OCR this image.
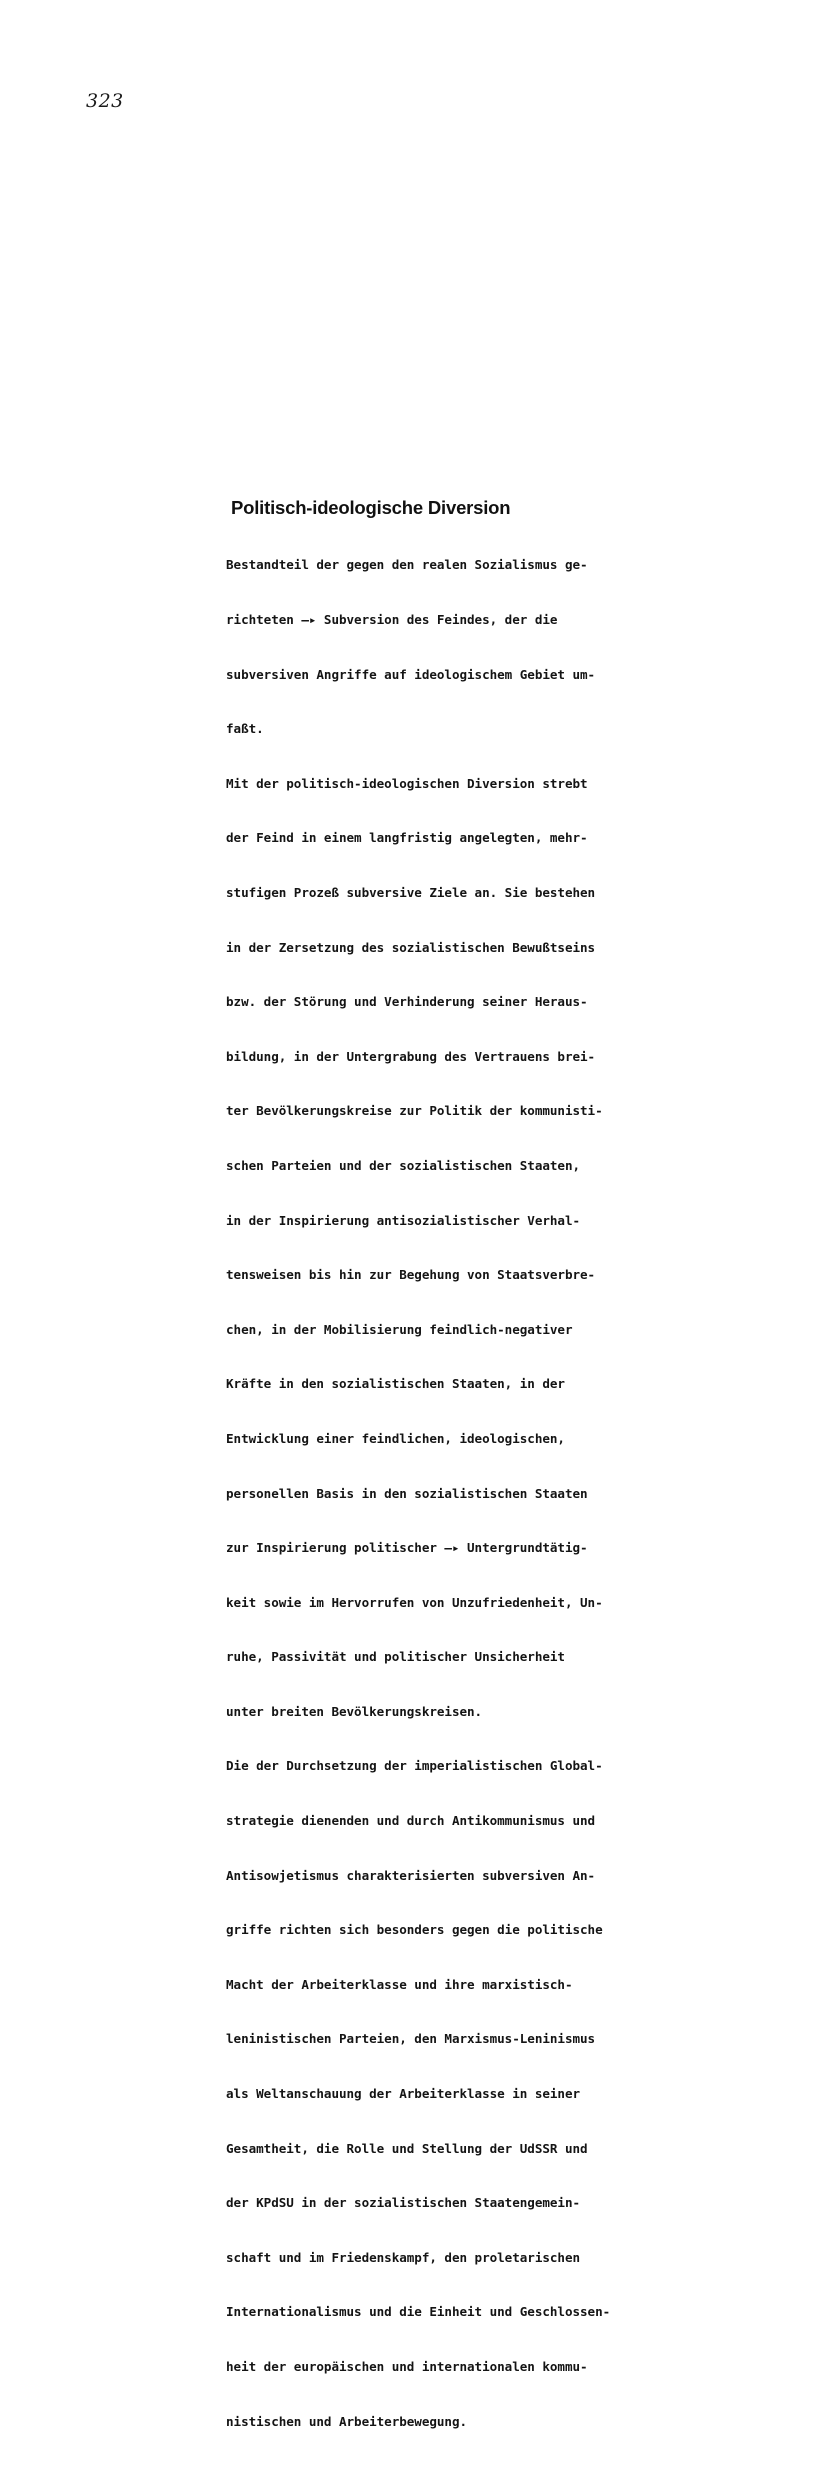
323
Politisch-ideologische Diversion

Bestandteil der gegen den realen Sozialismus ge-

richteten —▸ Subversion des Feindes, der die

subversiven Angriffe auf ideologischem Gebiet um-

faßt.

Mit der politisch-ideologischen Diversion strebt

der Feind in einem langfristig angelegten, mehr-

stufigen Prozeß subversive Ziele an. Sie bestehen

in der Zersetzung des sozialistischen Bewußtseins

bzw. der Störung und Verhinderung seiner Heraus-

bildung, in der Untergrabung des Vertrauens brei-

ter Bevölkerungskreise zur Politik der kommunisti-

schen Parteien und der sozialistischen Staaten,

in der Inspirierung antisozialistischer Verhal-

tensweisen bis hin zur Begehung von Staatsverbre-

chen, in der Mobilisierung feindlich-negativer

Kräfte in den sozialistischen Staaten, in der

Entwicklung einer feindlichen, ideologischen,

personellen Basis in den sozialistischen Staaten

zur Inspirierung politischer —▸ Untergrundtätig-

keit sowie im Hervorrufen von Unzufriedenheit, Un-

ruhe, Passivität und politischer Unsicherheit

unter breiten Bevölkerungskreisen.

Die der Durchsetzung der imperialistischen Global-

strategie dienenden und durch Antikommunismus und

Antisowjetismus charakterisierten subversiven An-

griffe richten sich besonders gegen die politische

Macht der Arbeiterklasse und ihre marxistisch-

leninistischen Parteien, den Marxismus-Leninismus

als Weltanschauung der Arbeiterklasse in seiner

Gesamtheit, die Rolle und Stellung der UdSSR und

der KPdSU in der sozialistischen Staatengemein-

schaft und im Friedenskampf, den proletarischen

Internationalismus und die Einheit und Geschlossen-

heit der europäischen und internationalen kommu-

nistischen und Arbeiterbewegung.
